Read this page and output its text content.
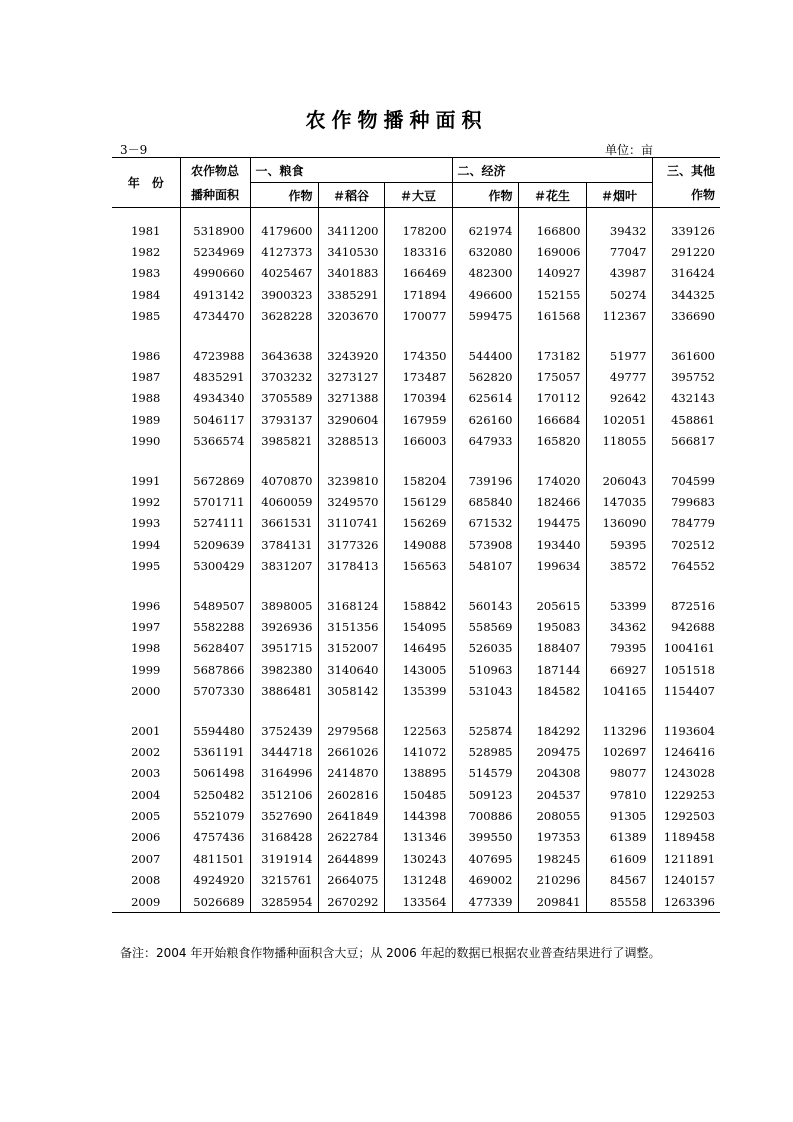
农作物播种面积
3－9	单位：亩
年　份	农作物总	一、粮食			二、经济			三、其他
	播种面积	作物	＃稻谷	＃大豆	作物	＃花生	＃烟叶	作物

1981	5318900	4179600	3411200	178200	621974	166800	39432	339126
1982	5234969	4127373	3410530	183316	632080	169006	77047	291220
1983	4990660	4025467	3401883	166469	482300	140927	43987	316424
1984	4913142	3900323	3385291	171894	496600	152155	50274	344325
1985	4734470	3628228	3203670	170077	599475	161568	112367	336690

1986	4723988	3643638	3243920	174350	544400	173182	51977	361600
1987	4835291	3703232	3273127	173487	562820	175057	49777	395752
1988	4934340	3705589	3271388	170394	625614	170112	92642	432143
1989	5046117	3793137	3290604	167959	626160	166684	102051	458861
1990	5366574	3985821	3288513	166003	647933	165820	118055	566817

1991	5672869	4070870	3239810	158204	739196	174020	206043	704599
1992	5701711	4060059	3249570	156129	685840	182466	147035	799683
1993	5274111	3661531	3110741	156269	671532	194475	136090	784779
1994	5209639	3784131	3177326	149088	573908	193440	59395	702512
1995	5300429	3831207	3178413	156563	548107	199634	38572	764552

1996	5489507	3898005	3168124	158842	560143	205615	53399	872516
1997	5582288	3926936	3151356	154095	558569	195083	34362	942688
1998	5628407	3951715	3152007	146495	526035	188407	79395	1004161
1999	5687866	3982380	3140640	143005	510963	187144	66927	1051518
2000	5707330	3886481	3058142	135399	531043	184582	104165	1154407

2001	5594480	3752439	2979568	122563	525874	184292	113296	1193604
2002	5361191	3444718	2661026	141072	528985	209475	102697	1246416
2003	5061498	3164996	2414870	138895	514579	204308	98077	1243028
2004	5250482	3512106	2602816	150485	509123	204537	97810	1229253
2005	5521079	3527690	2641849	144398	700886	208055	91305	1292503
2006	4757436	3168428	2622784	131346	399550	197353	61389	1189458
2007	4811501	3191914	2644899	130243	407695	198245	61609	1211891
2008	4924920	3215761	2664075	131248	469002	210296	84567	1240157
2009	5026689	3285954	2670292	133564	477339	209841	85558	1263396
备注：2004 年开始粮食作物播种面积含大豆；从 2006 年起的数据已根据农业普查结果进行了调整。
